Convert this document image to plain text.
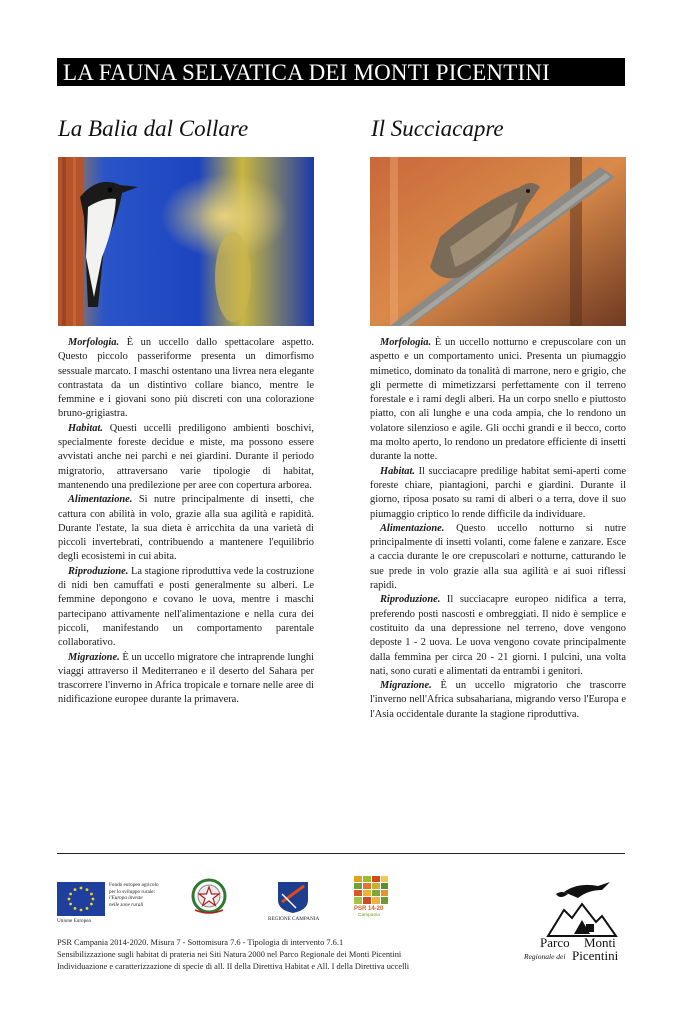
LA FAUNA SELVATICA DEI MONTI PICENTINI
La Balia dal Collare	Il Succiacapre

Morfologia. È un uccello dallo spettacolare aspetto. Questo piccolo passeriforme presenta un dimorfismo sessuale marcato. I maschi ostentano una livrea nera elegante contrastata da un distintivo collare bianco, mentre le femmine e i giovani sono più discreti con una colorazione bruno-grigiastra.

Habitat. Questi uccelli prediligono ambienti boschivi, specialmente foreste decidue e miste, ma possono essere avvistati anche nei parchi e nei giardini. Durante il periodo migratorio, attraversano varie tipologie di habitat, mantenendo una predilezione per aree con copertura arborea.

Alimentazione. Si nutre principalmente di insetti, che cattura con abilità in volo, grazie alla sua agilità e rapidità. Durante l'estate, la sua dieta è arricchita da una varietà di piccoli invertebrati, contribuendo a mantenere l'equilibrio degli ecosistemi in cui abita.

Riproduzione. La stagione riproduttiva vede la costruzione di nidi ben camuffati e posti generalmente su alberi. Le femmine depongono e covano le uova, mentre i maschi partecipano attivamente nell'alimentazione e nella cura dei piccoli, manifestando un comportamento parentale collaborativo.

Migrazione. È un uccello migratore che intraprende lunghi viaggi attraverso il Mediterraneo e il deserto del Sahara per trascorrere l'inverno in Africa tropicale e tornare nelle aree di nidificazione europee durante la primavera.

Morfologia. È un uccello notturno e crepuscolare con un aspetto e un comportamento unici. Presenta un piumaggio mimetico, dominato da tonalità di marrone, nero e grigio, che gli permette di mimetizzarsi perfettamente con il terreno forestale e i rami degli alberi. Ha un corpo snello e piuttosto piatto, con ali lunghe e una coda ampia, che lo rendono un volatore silenzioso e agile. Gli occhi grandi e il becco, corto ma molto aperto, lo rendono un predatore efficiente di insetti durante la notte.

Habitat. Il succiacapre predilige habitat semi-aperti come foreste chiare, piantagioni, parchi e giardini. Durante il giorno, riposa posato su rami di alberi o a terra, dove il suo piumaggio criptico lo rende difficile da individuare.

Alimentazione. Questo uccello notturno si nutre principalmente di insetti volanti, come falene e zanzare. Esce a caccia durante le ore crepuscolari e notturne, catturando le sue prede in volo grazie alla sua agilità e ai suoi riflessi rapidi.

Riproduzione. Il succiacapre europeo nidifica a terra, preferendo posti nascosti e ombreggiati. Il nido è semplice e costituito da una depressione nel terreno, dove vengono deposte 1 - 2 uova. Le uova vengono covate principalmente dalla femmina per circa 20 - 21 giorni. I pulcini, una volta nati, sono curati e alimentati da entrambi i genitori.

Migrazione. È un uccello migratorio che trascorre l'inverno nell'Africa subsahariana, migrando verso l'Europa e l'Asia occidentale durante la stagione riproduttiva.

Fondo europeo agricolo
per lo sviluppo rurale:
l'Europa investe
nelle zone rurali
Unione Europea	REGIONE CAMPANIA
PSR 14-20
Campania
PSR Campania 2014-2020. Misura 7 - Sottomisura 7.6 - Tipologia di intervento 7.6.1
Sensibilizzazione sugli habitat di prateria nei Siti Natura 2000 nel Parco Regionale dei Monti Picentini
Individuazione e caratterizzazione di specie di all. II della Direttiva Habitat e All. I della Direttiva uccelli
Parco Monti
Regionale dei Picentini
